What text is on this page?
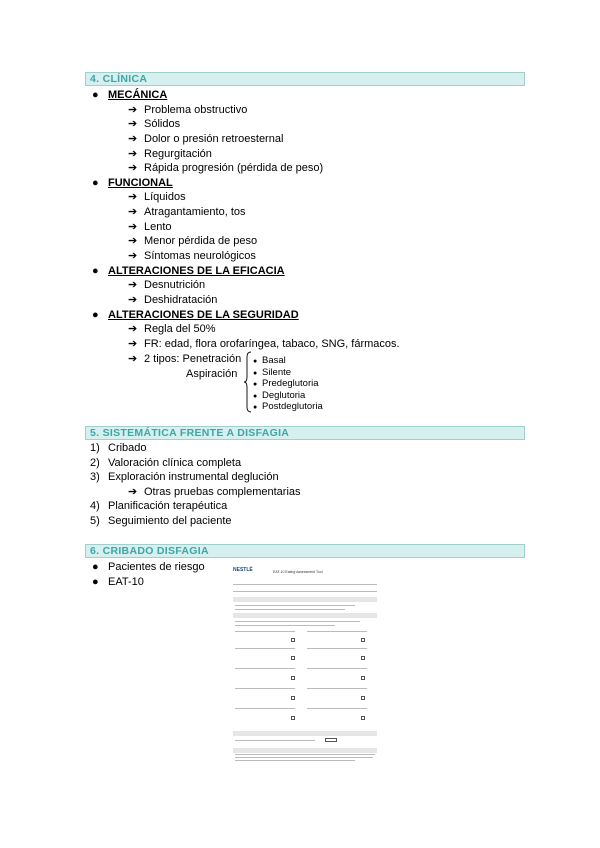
4. CLÍNICA
● MECÁNICA
➔ Problema obstructivo
➔ Sólidos
➔ Dolor o presión retroesternal
➔ Regurgitación
➔ Rápida progresión (pérdida de peso)
● FUNCIONAL
➔ Líquidos
➔ Atragantamiento, tos
➔ Lento
➔ Menor pérdida de peso
➔ Síntomas neurológicos
● ALTERACIONES DE LA EFICACIA
➔ Desnutrición
➔ Deshidratación
● ALTERACIONES DE LA SEGURIDAD
➔ Regla del 50%
➔ FR: edad, flora orofaríngea, tabaco, SNG, fármacos.
➔ 2 tipos: Penetración
Aspiración
● Basal
● Silente
● Predeglutoria
● Deglutoria
● Postdeglutoria
5. SISTEMÁTICA FRENTE A DISFAGIA
1) Cribado
2) Valoración clínica completa
3) Exploración instrumental deglución
➔ Otras pruebas complementarias
4) Planificación terapéutica
5) Seguimiento del paciente
6. CRIBADO DISFAGIA
● Pacientes de riesgo
● EAT-10
NESTLÉ	EAT-10 Eating Assessment Tool
